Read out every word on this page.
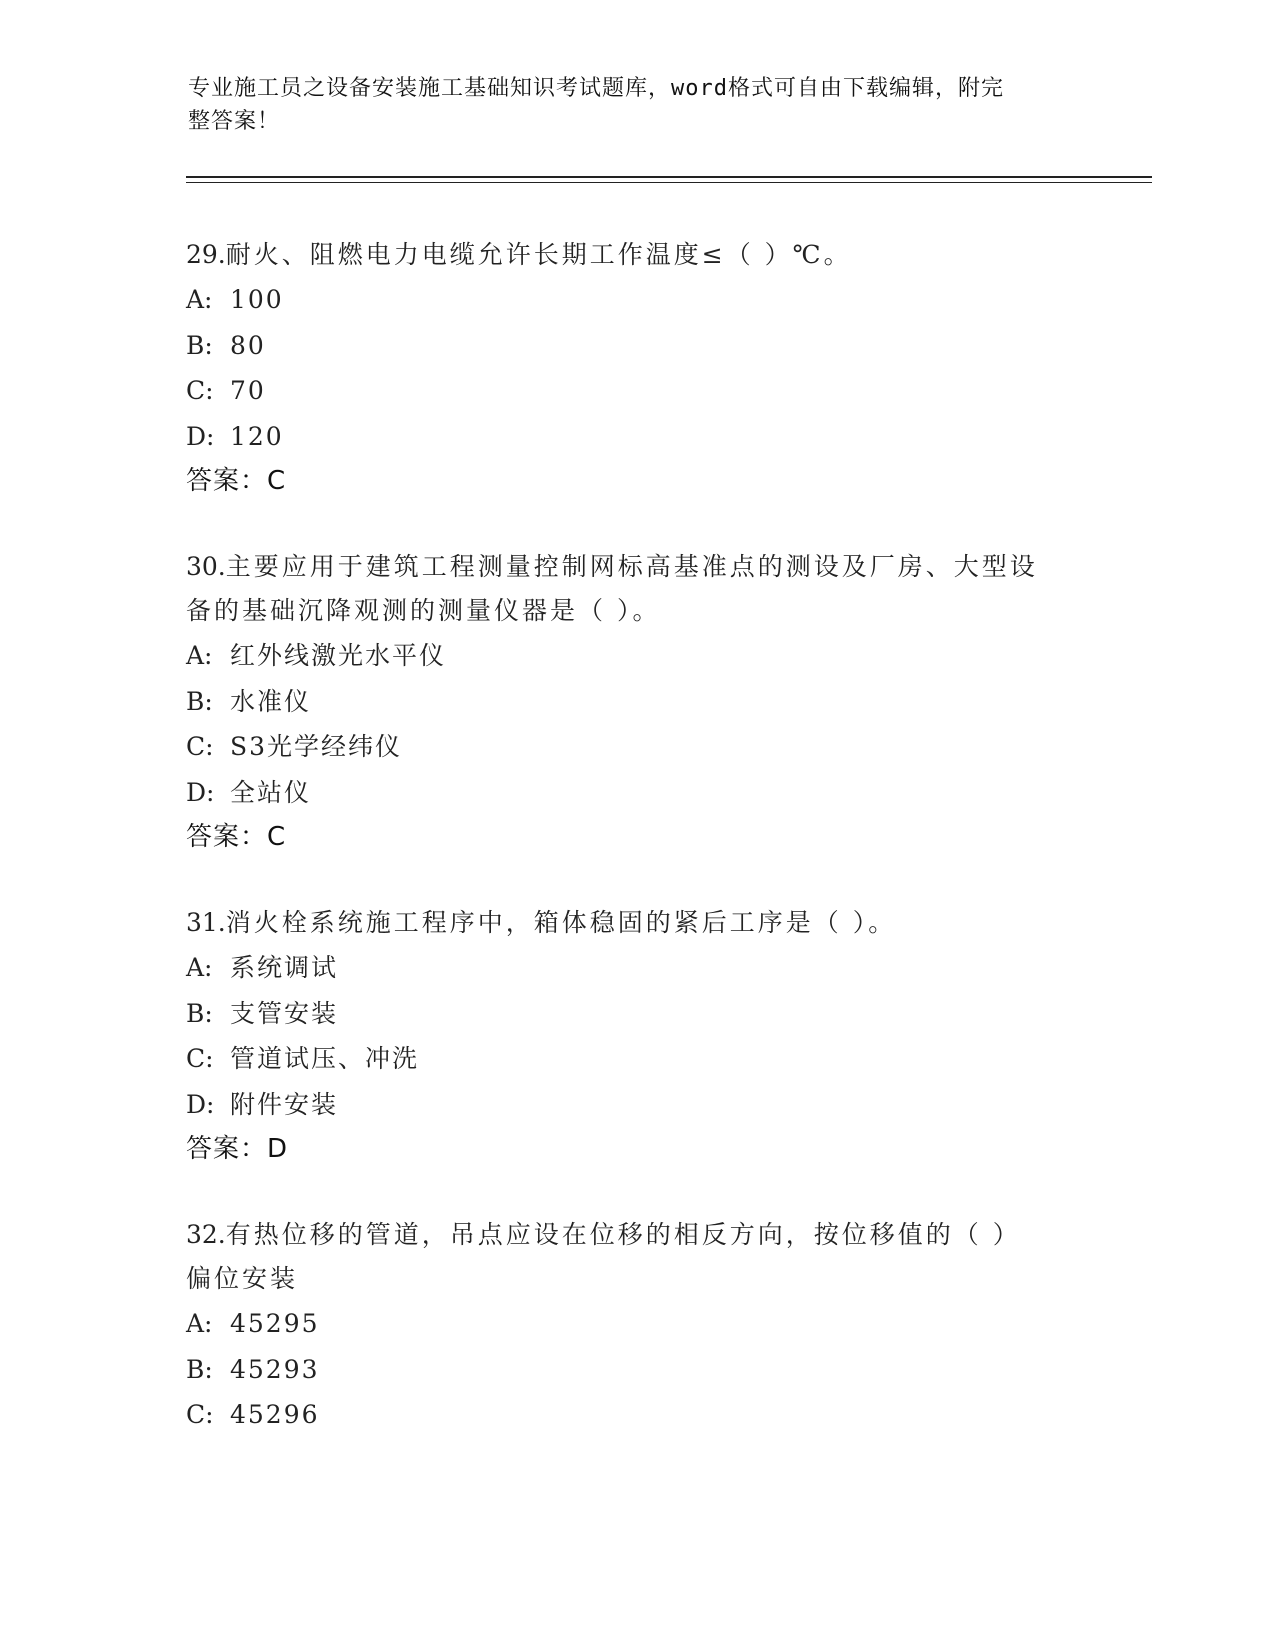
专业施工员之设备安装施工基础知识考试题库，word格式可自由下载编辑，附完
整答案！
29.耐火、阻燃电力电缆允许长期工作温度≤（ ）℃。
A: 100
B: 80
C: 70
D: 120
答案：C
30.主要应用于建筑工程测量控制网标高基准点的测设及厂房、大型设
备的基础沉降观测的测量仪器是（ ）。
A: 红外线激光水平仪
B: 水准仪
C: S3光学经纬仪
D: 全站仪
答案：C
31.消火栓系统施工程序中，箱体稳固的紧后工序是（ ）。
A: 系统调试
B: 支管安装
C: 管道试压、冲洗
D: 附件安装
答案：D
32.有热位移的管道，吊点应设在位移的相反方向，按位移值的（ ）
偏位安装
A: 45295
B: 45293
C: 45296
